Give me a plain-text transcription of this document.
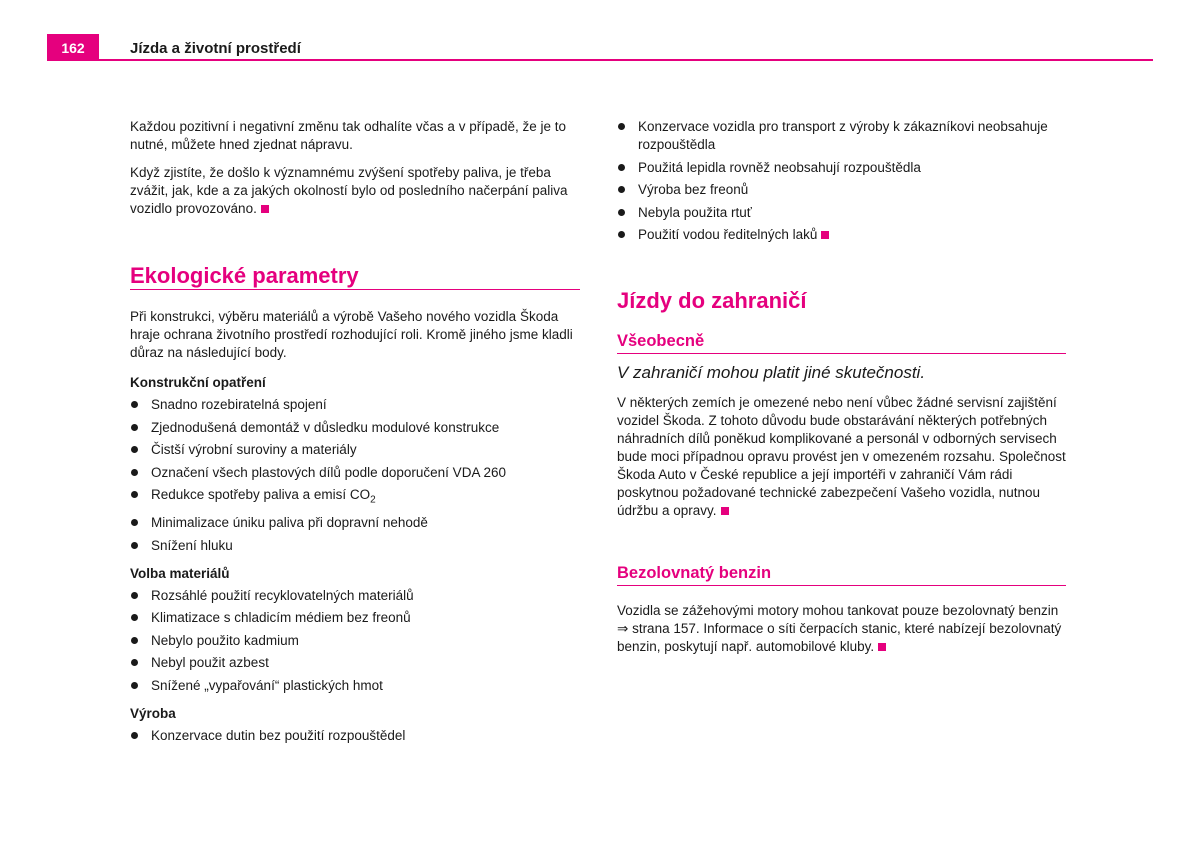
162	Jízda a životní prostředí

Každou pozitivní i negativní změnu tak odhalíte včas a v případě, že je to nutné, můžete hned zjednat nápravu.

Když zjistíte, že došlo k významnému zvýšení spotřeby paliva, je třeba zvážit, jak, kde a za jakých okolností bylo od posledního načerpání paliva vozidlo provozováno.

Ekologické parametry

Při konstrukci, výběru materiálů a výrobě Vašeho nového vozidla Škoda hraje ochrana životního prostředí rozhodující roli. Kromě jiného jsme kladli důraz na následující body.

Konstrukční opatření
Snadno rozebiratelná spojení
Zjednodušená demontáž v důsledku modulové konstrukce
Čistší výrobní suroviny a materiály
Označení všech plastových dílů podle doporučení VDA 260
Redukce spotřeby paliva a emisí $CO_2$
Minimalizace úniku paliva při dopravní nehodě
Snížení hluku
Volba materiálů
Rozsáhlé použití recyklovatelných materiálů
Klimatizace s chladicím médiem bez freonů
Nebylo použito kadmium
Nebyl použit azbest
Snížené „vypařování“ plastických hmot
Výroba
Konzervace dutin bez použití rozpouštědel
Konzervace vozidla pro transport z výroby k zákazníkovi neobsahuje rozpouštědla
Použitá lepidla rovněž neobsahují rozpouštědla
Výroba bez freonů
Nebyla použita rtuť
Použití vodou ředitelných laků
Jízdy do zahraničí
Všeobecně

V zahraničí mohou platit jiné skutečnosti.

V některých zemích je omezené nebo není vůbec žádné servisní zajištění vozidel Škoda. Z tohoto důvodu bude obstarávání některých potřebných náhradních dílů poněkud komplikované a personál v odborných servisech bude moci případnou opravu provést jen v omezeném rozsahu. Společnost Škoda Auto v České republice a její importéři v zahraničí Vám rádi poskytnou požadované technické zabezpečení Vašeho vozidla, nutnou údržbu a opravy.

Bezolovnatý benzin

Vozidla se zážehovými motory mohou tankovat pouze bezolovnatý benzin
⇒ strana 157. Informace o síti čerpacích stanic, které nabízejí bezolovnatý benzin, poskytují např. automobilové kluby.
